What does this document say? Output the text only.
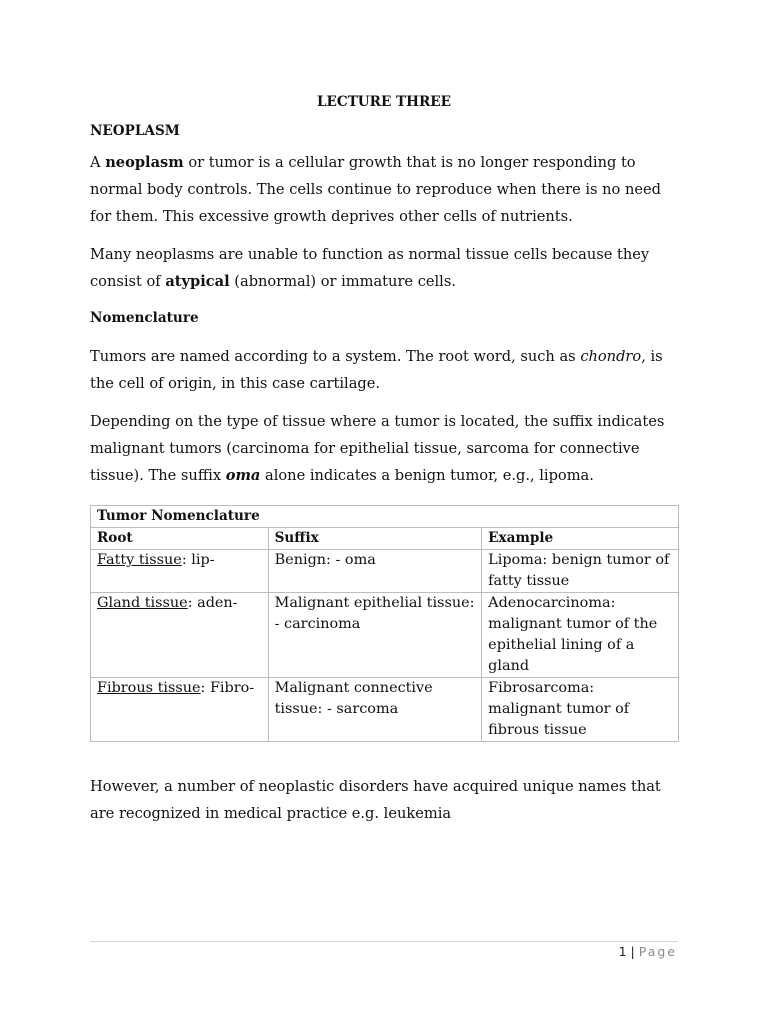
LECTURE THREE

NEOPLASM

A neoplasm or tumor is a cellular growth that is no longer responding to normal body controls. The cells continue to reproduce when there is no need for them. This excessive growth deprives other cells of nutrients.

Many neoplasms are unable to function as normal tissue cells because they consist of atypical (abnormal) or immature cells.

Nomenclature

Tumors are named according to a system. The root word, such as chondro, is the cell of origin, in this case cartilage.

Depending on the type of tissue where a tumor is located, the suffix indicates malignant tumors (carcinoma for epithelial tissue, sarcoma for connective tissue). The suffix oma alone indicates a benign tumor, e.g., lipoma.

Tumor Nomenclature		
Root	Suffix	Example
Fatty tissue: lip-	Benign: - oma	Lipoma: benign tumor of fatty tissue
Gland tissue: aden-	Malignant epithelial tissue: - carcinoma	Adenocarcinoma: malignant tumor of the epithelial lining of a gland
Fibrous tissue: Fibro-	Malignant connective tissue: - sarcoma	Fibrosarcoma: malignant tumor of fibrous tissue

However, a number of neoplastic disorders have acquired unique names that are recognized in medical practice e.g. leukemia

1 | Page
